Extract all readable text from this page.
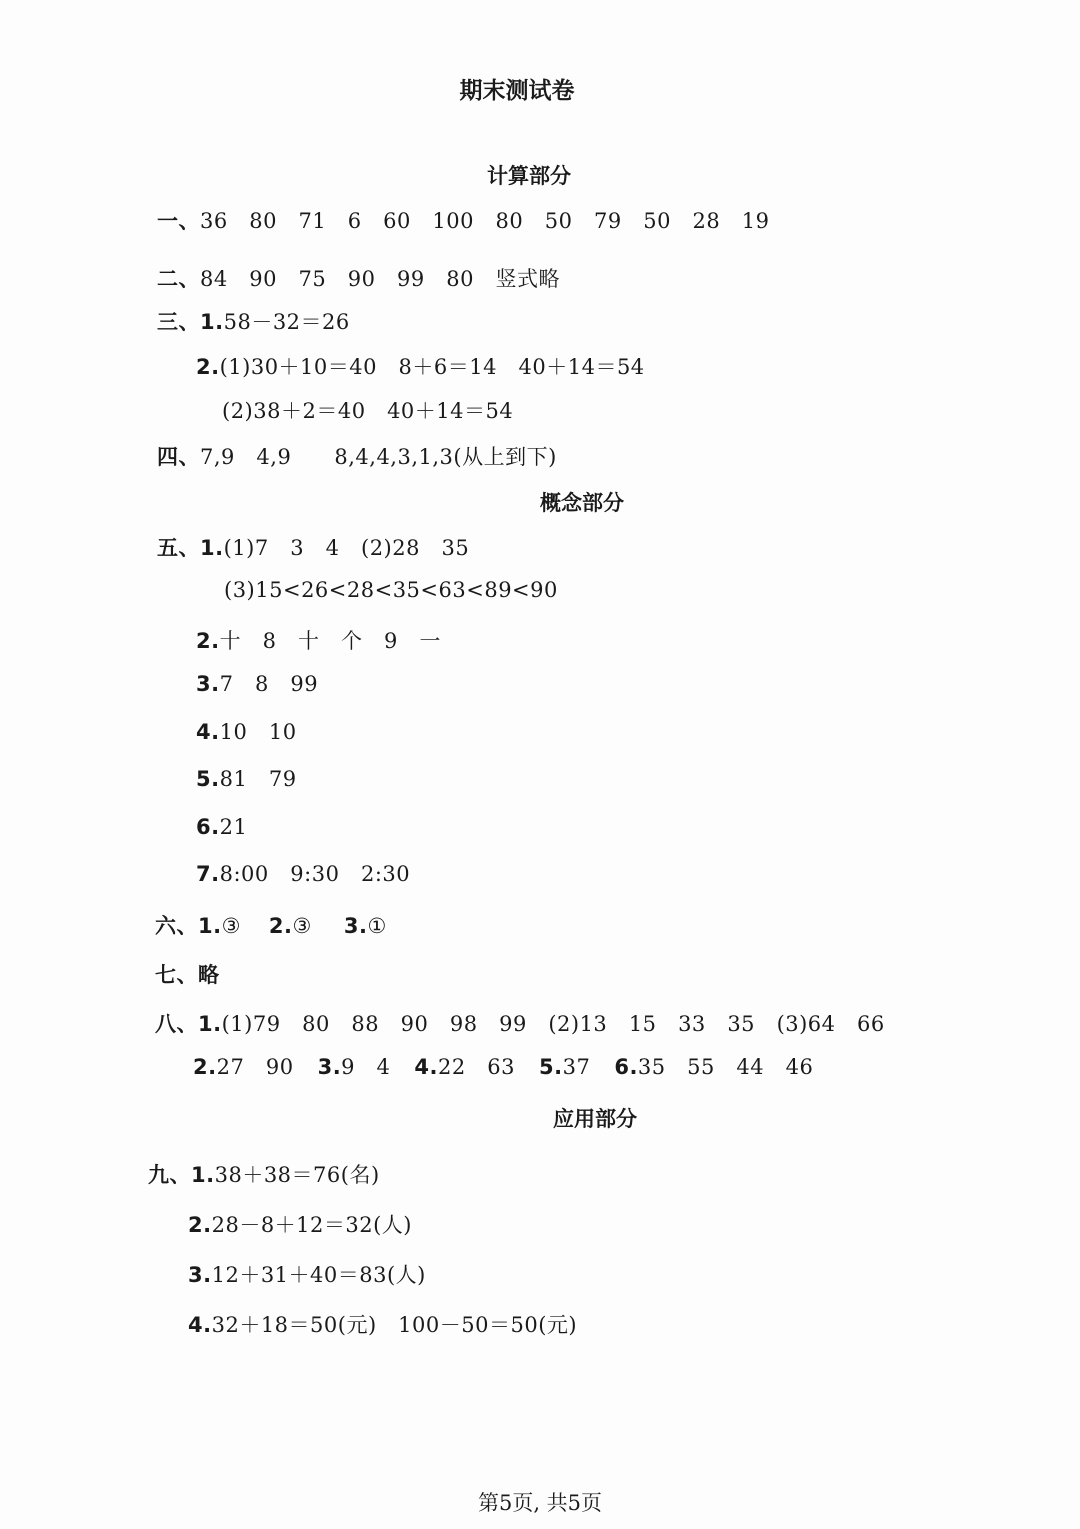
期末测试卷
计算部分
一、36   80   71   6   60   100   80   50   79   50   28   19
二、84   90   75   90   99   80   竖式略
三、1.58－32＝26
2.(1)30＋10＝40   8＋6＝14   40＋14＝54
(2)38＋2＝40   40＋14＝54
四、7,9   4,9      8,4,4,3,1,3(从上到下)
概念部分
五、1.(1)7   3   4   (2)28   35
(3)15<26<28<35<63<89<90
2.十   8   十   个   9   一
3.7   8   99
4.10   10
5.81   79
6.21
7.8:00   9:30   2:30
六、1.③ 2.③ 3.①
七、略
八、1.(1)79   80   88   90   98   99   (2)13   15   33   35   (3)64   66
2.27   90 3.9   4 4.22   63 5.37 6.35   55   44   46
应用部分
九、1.38＋38＝76(名)
2.28－8＋12＝32(人)
3.12＋31＋40＝83(人)
4.32＋18＝50(元)   100－50＝50(元)
第5页, 共5页
